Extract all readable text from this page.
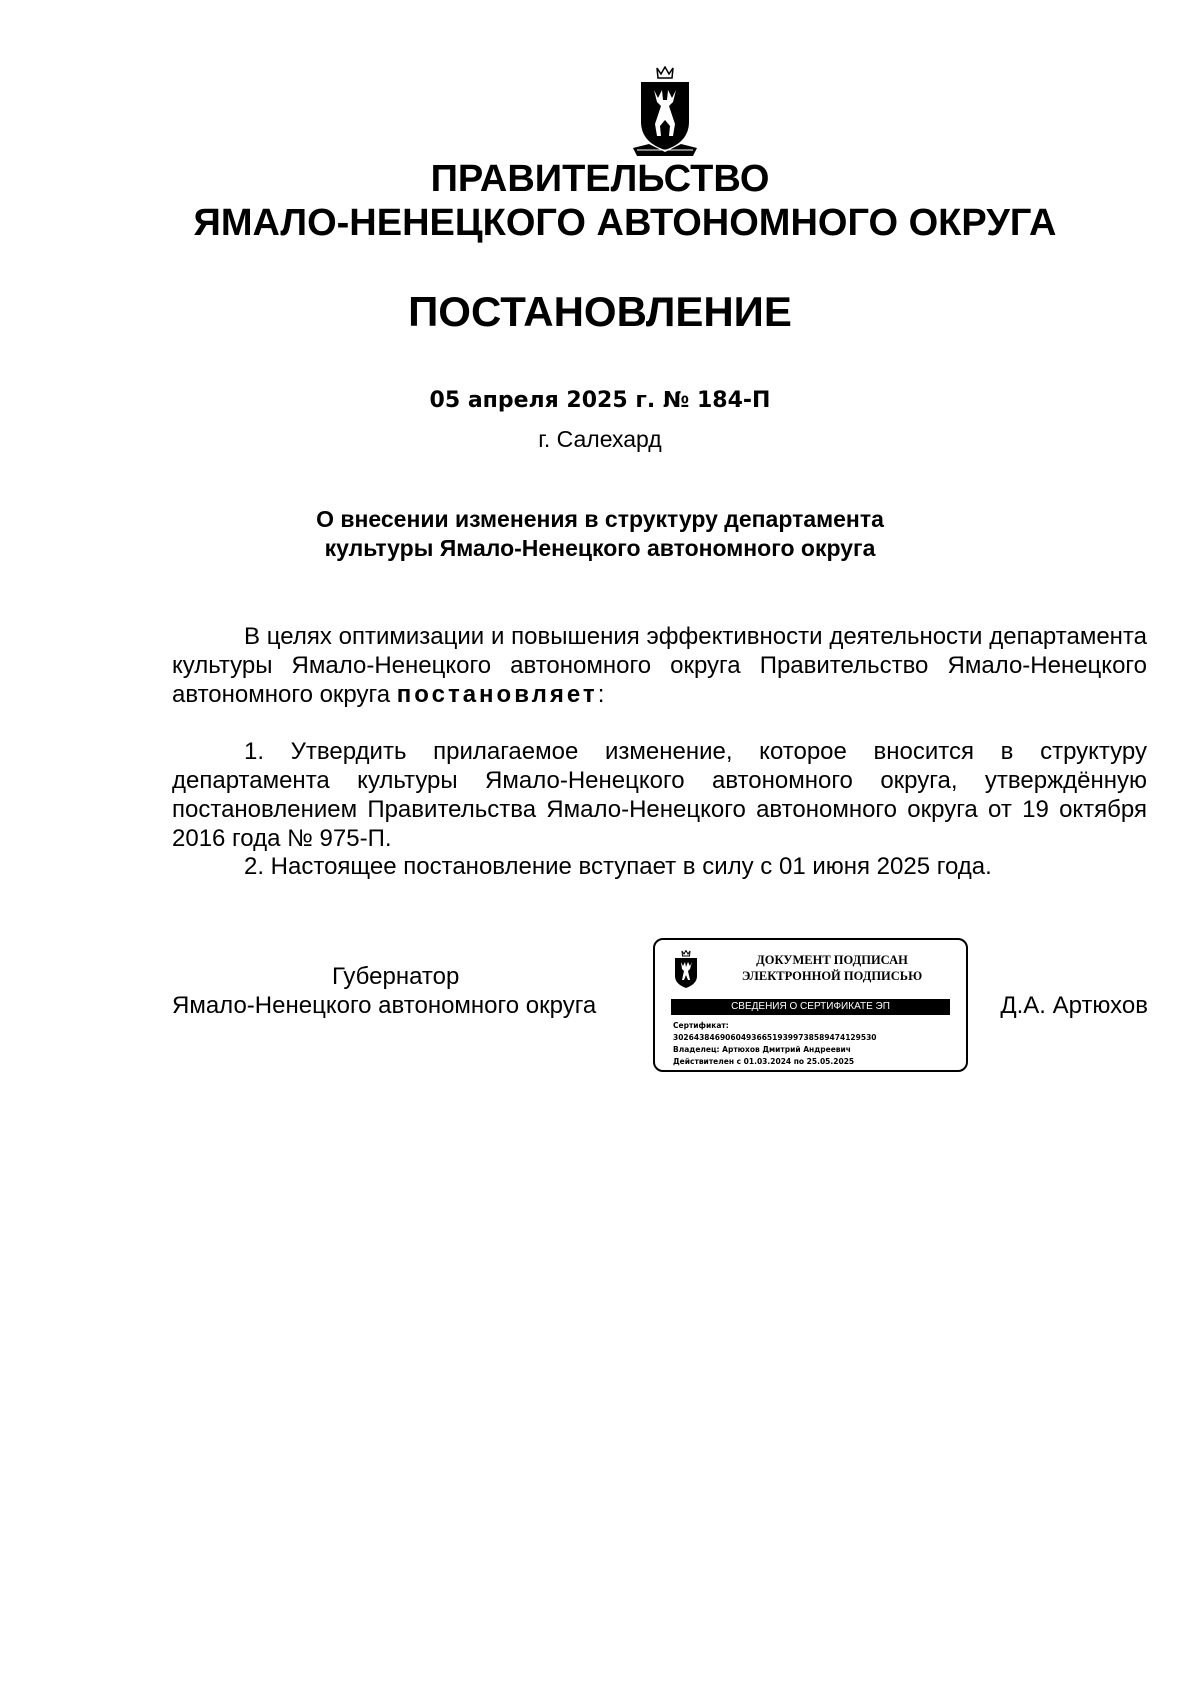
ПРАВИТЕЛЬСТВО
ЯМАЛО-НЕНЕЦКОГО АВТОНОМНОГО ОКРУГА
ПОСТАНОВЛЕНИЕ
05 апреля 2025 г. № 184-П
г. Салехард
О внесении изменения в структуру департамента
культуры Ямало-Ненецкого автономного округа

В целях оптимизации и повышения эффективности деятельности департамента культуры Ямало-Ненецкого автономного округа Правительство Ямало-Ненецкого автономного округа постановляет:

1. Утвердить прилагаемое изменение, которое вносится в структуру департамента культуры Ямало-Ненецкого автономного округа, утверждённую постановлением Правительства Ямало-Ненецкого автономного округа от 19 октября 2016 года № 975-П.

2. Настоящее постановление вступает в силу с 01 июня 2025 года.

Губернатор
Ямало-Ненецкого автономного округа
ДОКУМЕНТ ПОДПИСАН
ЭЛЕКТРОННОЙ ПОДПИСЬЮ
СВЕДЕНИЯ О СЕРТИФИКАТЕ ЭП
Сертификат:
302643846906049366519399738589474129530
Владелец: Артюхов Дмитрий Андреевич
Действителен с 01.03.2024 по 25.05.2025
Д.А. Артюхов
